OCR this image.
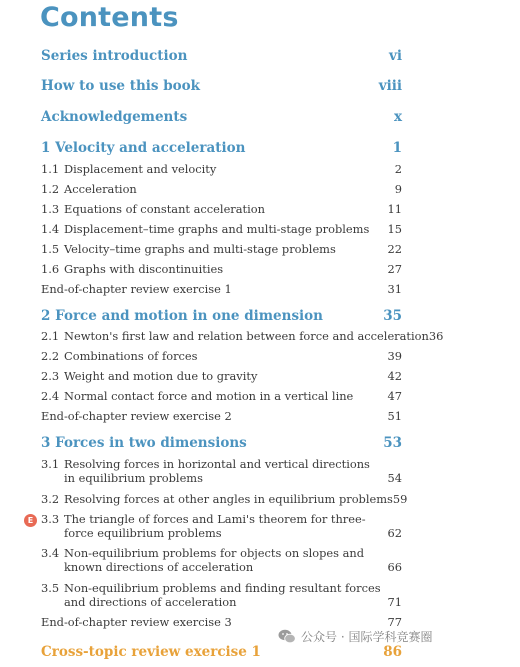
Contents
Series introduction	vi
How to use this book	viii
Acknowledgements	x
1 Velocity and acceleration	1
1.1 Displacement and velocity	2
1.2 Acceleration	9
1.3 Equations of constant acceleration	11
1.4 Displacement–time graphs and multi-stage problems 15
1.5 Velocity–time graphs and multi-stage problems	22
1.6 Graphs with discontinuities	27
End-of-chapter review exercise 1	31
2 Force and motion in one dimension	35
2.1 Newton's first law and relation between force and acceleration 36
2.2 Combinations of forces	39
2.3 Weight and motion due to gravity	42
2.4 Normal contact force and motion in a vertical line	47
End-of-chapter review exercise 2	51
3 Forces in two dimensions	53
3.1 Resolving forces in horizontal and vertical directions in equilibrium problems	54
3.2 Resolving forces at other angles in equilibrium problems 59
E 3.3 The triangle of forces and Lami's theorem for three-force equilibrium problems	62
3.4 Non-equilibrium problems for objects on slopes and known directions of acceleration	66
3.5 Non-equilibrium problems and finding resultant forces and directions of acceleration	71
End-of-chapter review exercise 3	77
Cross-topic review exercise 1	86
公众号 · 国际学科竞赛圈
